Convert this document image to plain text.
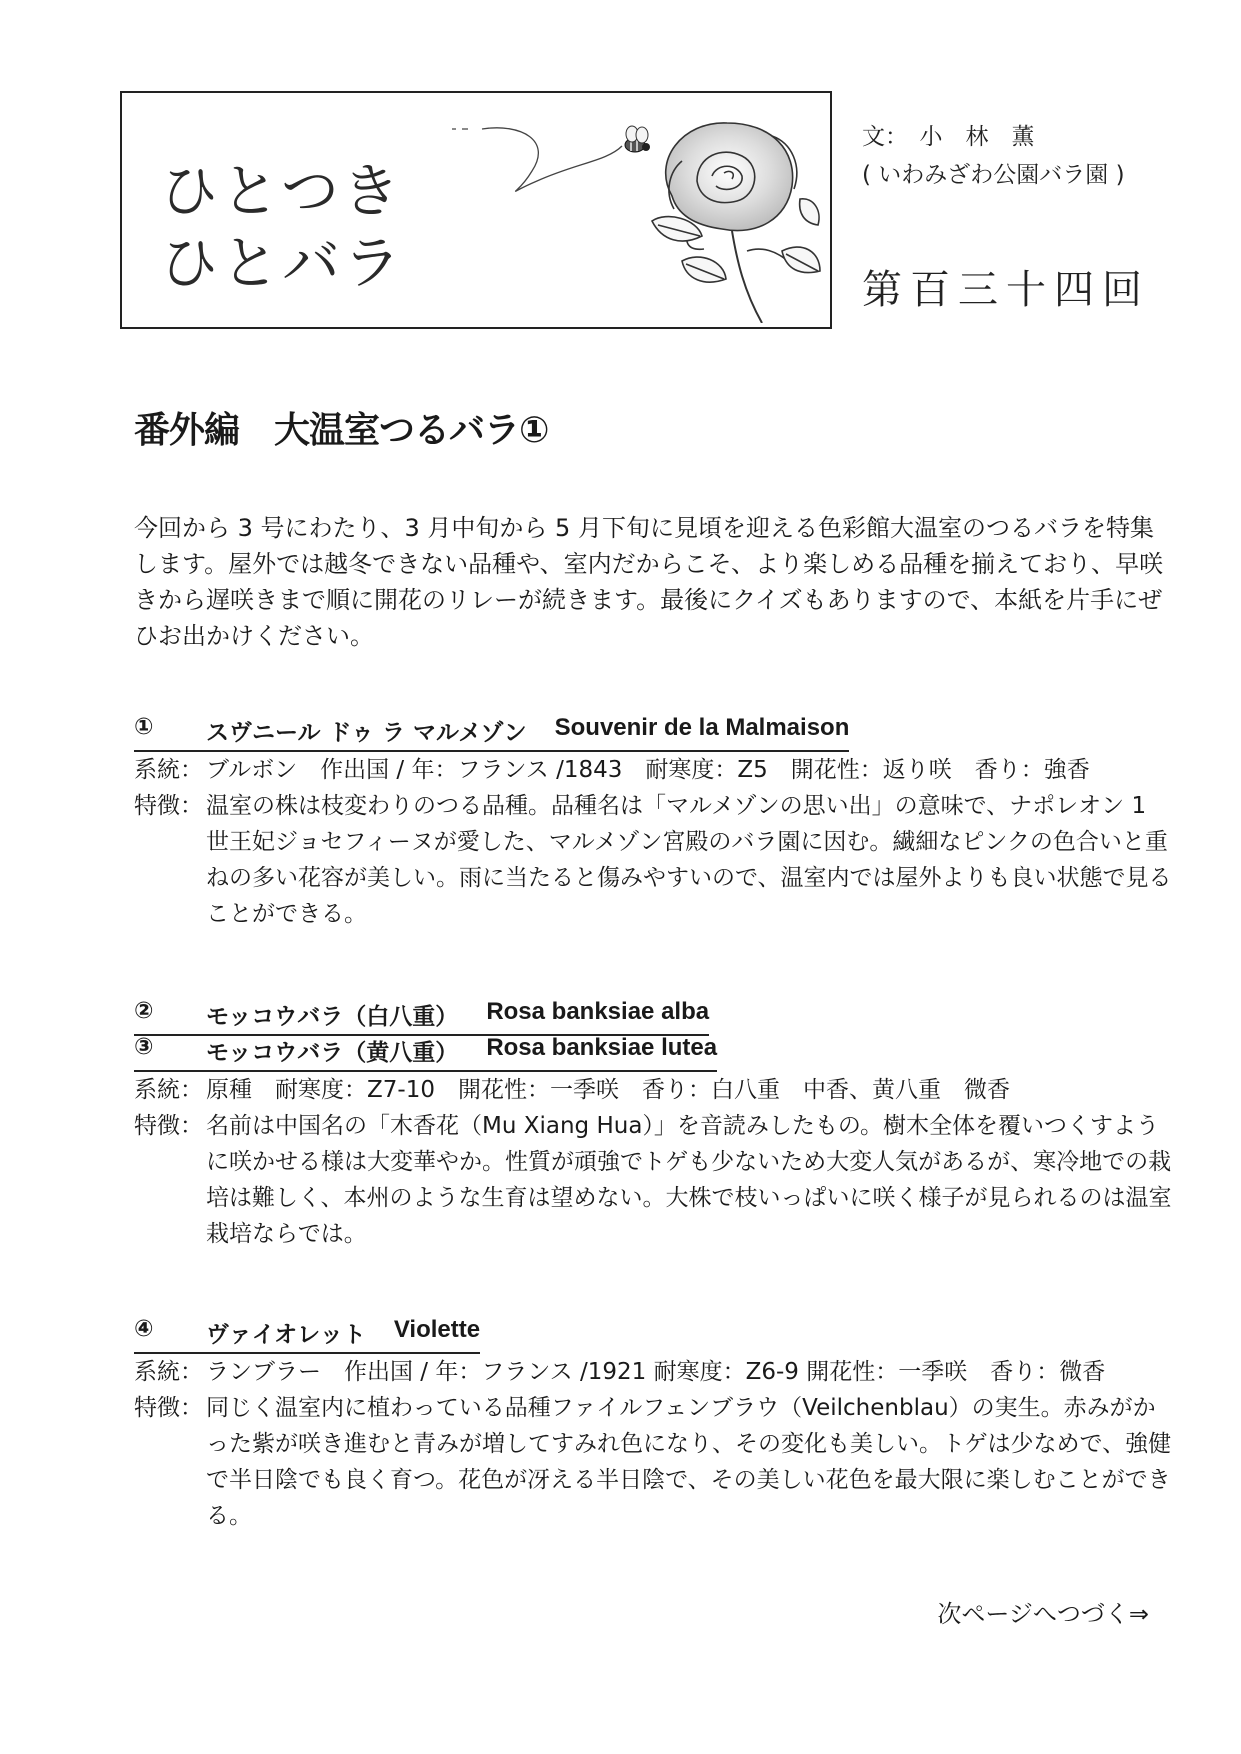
ひとつき
ひとバラ
文：　小　林　薫
( いわみざわ公園バラ園 )
第百三十四回
番外編　大温室つるバラ①

今回から 3 号にわたり、3 月中旬から 5 月下旬に見頃を迎える色彩館大温室のつるバラを特集します。屋外では越冬できない品種や、室内だからこそ、より楽しめる品種を揃えており、早咲きから遅咲きまで順に開花のリレーが続きます。最後にクイズもありますので、本紙を片手にぜひお出かけください。

①	スヴニール ドゥ ラ マルメゾン Souvenir de la Malmaison
系統： ブルボン　作出国 / 年：フランス /1843　耐寒度：Z5　開花性：返り咲　香り：強香
特徴： 温室の株は枝変わりのつる品種。品種名は「マルメゾンの思い出」の意味で、ナポレオン 1 世王妃ジョセフィーヌが愛した、マルメゾン宮殿のバラ園に因む。繊細なピンクの色合いと重ねの多い花容が美しい。雨に当たると傷みやすいので、温室内では屋外よりも良い状態で見ることができる。
②	モッコウバラ（白八重） Rosa banksiae alba
③	モッコウバラ（黄八重） Rosa banksiae lutea
系統： 原種　耐寒度：Z7-10　開花性：一季咲　香り：白八重　中香、黄八重　微香
特徴： 名前は中国名の「木香花（Mu Xiang Hua）」を音読みしたもの。樹木全体を覆いつくすように咲かせる様は大変華やか。性質が頑強でトゲも少ないため大変人気があるが、寒冷地での栽培は難しく、本州のような生育は望めない。大株で枝いっぱいに咲く様子が見られるのは温室栽培ならでは。
④	ヴァイオレット Violette
系統： ランブラー　作出国 / 年：フランス /1921 耐寒度：Z6-9 開花性：一季咲　香り：微香
特徴： 同じく温室内に植わっている品種ファイルフェンブラウ（Veilchenblau）の実生。赤みがかった紫が咲き進むと青みが増してすみれ色になり、その変化も美しい。トゲは少なめで、強健で半日陰でも良く育つ。花色が冴える半日陰で、その美しい花色を最大限に楽しむことができる。
次ページへつづく⇒
